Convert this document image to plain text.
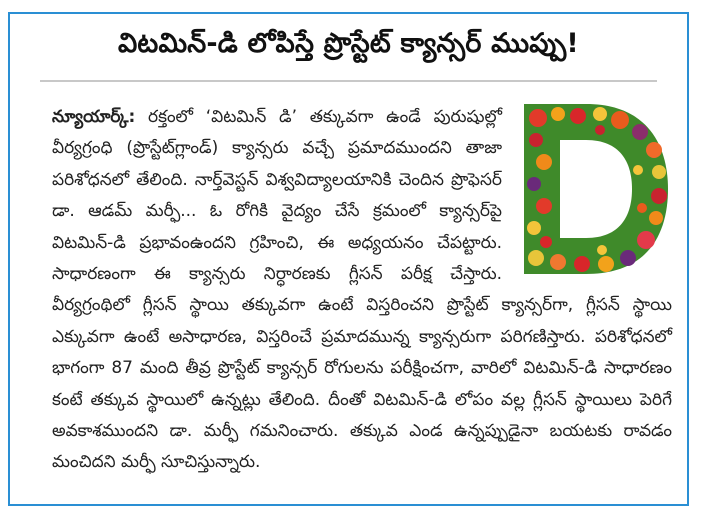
విటమిన్-డి లోపిస్తే ప్రొస్టేట్ క్యాన్సర్ ముప్పు!
న్యూయార్క్: రక్తంలో ‘విటమిన్ డి’ తక్కువగా ఉండే పురుషుల్లో వీర్యగ్రంధి (ప్రొస్టేట్‌గ్లాండ్) క్యాన్సరు వచ్చే ప్రమాదముందని తాజా పరిశోధనలో తేలింది. నార్త్‌వెస్టన్ విశ్వవిద్యాలయానికి చెందిన ప్రొఫెసర్ డా. ఆడమ్ మర్ఫీ... ఓ రోగికి వైద్యం చేసే క్రమంలో క్యాన్సర్‌పై విటమిన్-డి ప్రభావంఉందని గ్రహించి, ఈ అధ్యయనం చేపట్టారు. సాధారణంగా ఈ క్యాన్సరు నిర్ధారణకు గ్లీసన్ పరీక్ష చేస్తారు. వీర్యగ్రంథిలో గ్లీసన్ స్థాయి తక్కువగా ఉంటే విస్తరించని ప్రొస్టేట్ క్యాన్సర్‌గా, గ్లీసన్ స్థాయి ఎక్కువగా ఉంటే అసాధారణ, విస్తరించే ప్రమాదమున్న క్యాన్సరుగా పరిగణిస్తారు. పరిశోధనలో భాగంగా 87 మంది తీవ్ర ప్రొస్టేట్ క్యాన్సర్ రోగులను పరీక్షించగా, వారిలో విటమిన్-డి సాధారణం కంటే తక్కువ స్థాయిలో ఉన్నట్లు తేలింది. దీంతో విటమిన్-డి లోపం వల్ల గ్లీసన్ స్థాయిలు పెరిగే అవకాశముందని డా. మర్ఫీ గమనించారు. తక్కువ ఎండ ఉన్నప్పుడైనా బయటకు రావడం మంచిదని మర్ఫీ సూచిస్తున్నారు.
